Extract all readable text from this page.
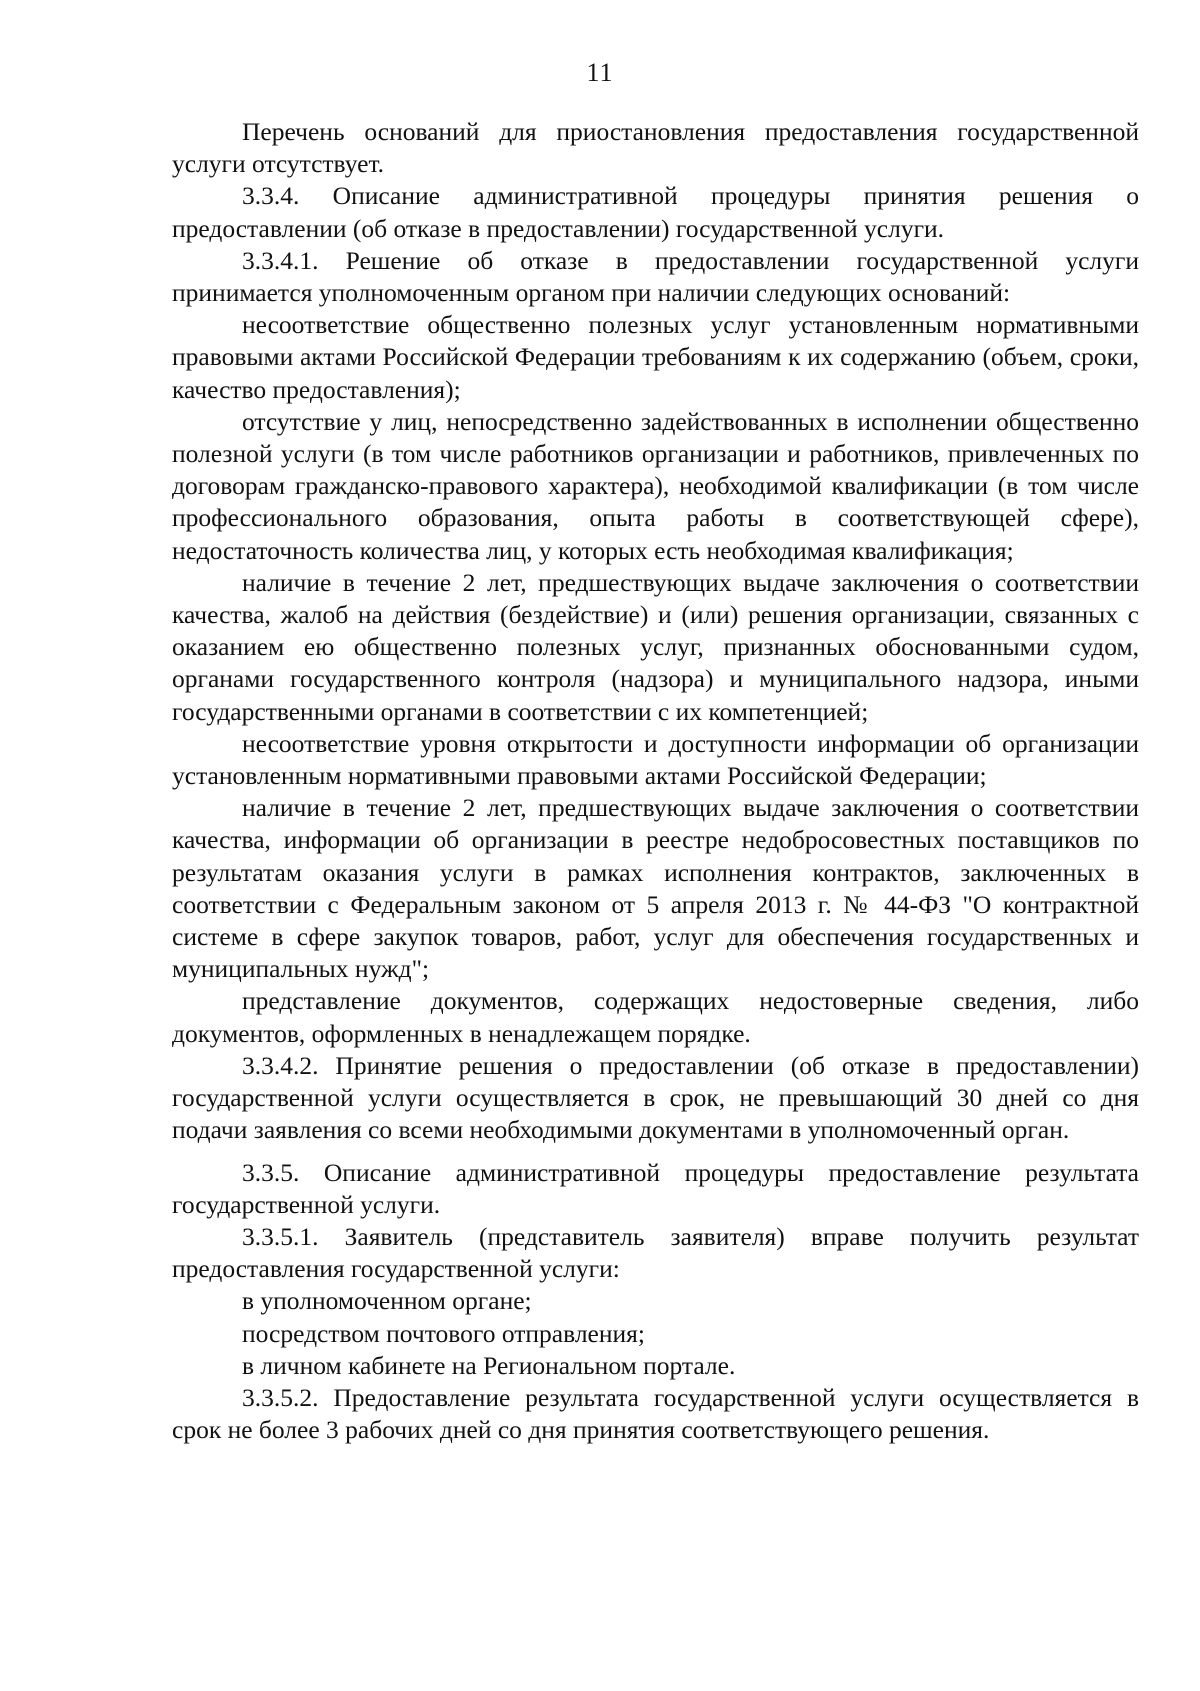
11

Перечень оснований для приостановления предоставления государственной услуги отсутствует.

3.3.4. Описание административной процедуры принятия решения о предоставлении (об отказе в предоставлении) государственной услуги.

3.3.4.1. Решение об отказе в предоставлении государственной услуги принимается уполномоченным органом при наличии следующих оснований:

несоответствие общественно полезных услуг установленным нормативными правовыми актами Российской Федерации требованиям к их содержанию (объем, сроки, качество предоставления);

отсутствие у лиц, непосредственно задействованных в исполнении общественно полезной услуги (в том числе работников организации и работников, привлеченных по договорам гражданско-правового характера), необходимой квалификации (в том числе профессионального образования, опыта работы в соответствующей сфере), недостаточность количества лиц, у которых есть необходимая квалификация;

наличие в течение 2 лет, предшествующих выдаче заключения о соответствии качества, жалоб на действия (бездействие) и (или) решения организации, связанных с оказанием ею общественно полезных услуг, признанных обоснованными судом, органами государственного контроля (надзора) и муниципального надзора, иными государственными органами в соответствии с их компетенцией;

несоответствие уровня открытости и доступности информации об организации установленным нормативными правовыми актами Российской Федерации;

наличие в течение 2 лет, предшествующих выдаче заключения о соответствии качества, информации об организации в реестре недобросовестных поставщиков по результатам оказания услуги в рамках исполнения контрактов, заключенных в соответствии с Федеральным законом от 5 апреля 2013 г. № 44-ФЗ "О контрактной системе в сфере закупок товаров, работ, услуг для обеспечения государственных и муниципальных нужд";

представление документов, содержащих недостоверные сведения, либо документов, оформленных в ненадлежащем порядке.

3.3.4.2. Принятие решения о предоставлении (об отказе в предоставлении) государственной услуги осуществляется в срок, не превышающий 30 дней со дня подачи заявления со всеми необходимыми документами в уполномоченный орган.

3.3.5. Описание административной процедуры предоставление результата государственной услуги.

3.3.5.1. Заявитель (представитель заявителя) вправе получить результат предоставления государственной услуги:

в уполномоченном органе;

посредством почтового отправления;

в личном кабинете на Региональном портале.

3.3.5.2. Предоставление результата государственной услуги осуществляется в срок не более 3 рабочих дней со дня принятия соответствующего решения.
